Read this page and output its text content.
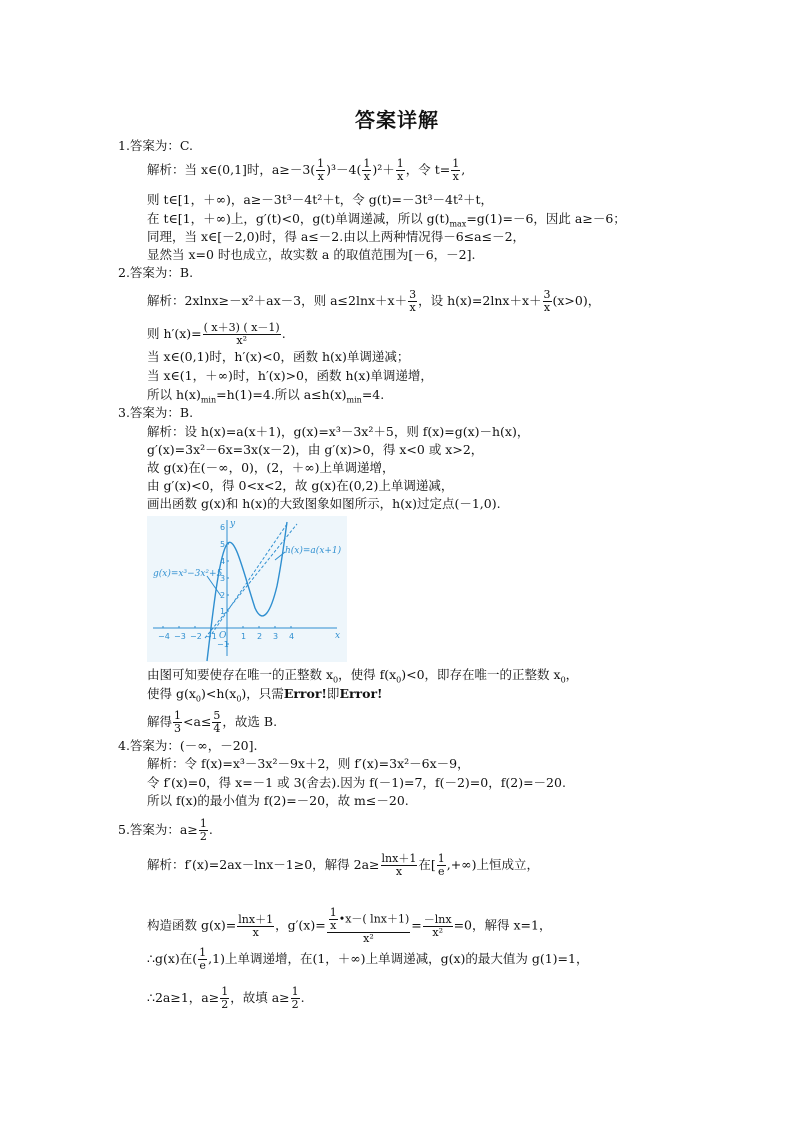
答案详解
1.答案为：C.
解析：当 x∈(0,1]时，$a\ge-3( \frac{1}{x} )^3-4( \frac{1}{x} )^2+ \frac{1}{x}$ ，令 $t= \frac{1}{x}$ ,
则 t∈[1，＋∞)，a≥－3t³－4t²＋t，令 g(t)=－3t³－4t²＋t，
在 t∈[1，＋∞)上，g′(t)<0，g(t)单调递减，所以 $g(t)_{max}=g(1)=-6$，因此 a≥－6；
同理，当 x∈[－2,0)时，得 a≤－2.由以上两种情况得－6≤a≤－2，
显然当 x=0 时也成立，故实数 a 的取值范围为[－6，－2].
2.答案为：B.
解析：2xlnx≥－x²＋ax－3，则 $a\le 2\ln x+x+ \frac{3}{x}$ ，设 $h(x)=2\ln x+x+ \frac{3}{x} (x>0)$，
则 $h'(x)= \frac{( x+3) ( x-1)}{\text{x²}}$ .
当 x∈(0,1)时，h′(x)<0，函数 h(x)单调递减；
当 x∈(1，＋∞)时，h′(x)>0，函数 h(x)单调递增，
所以 $h(x)_{min}=h(1)=4$.所以 $a\le h(x)_{min}=4$.
3.答案为：B.
解析：设 h(x)=a(x＋1)，g(x)=x³－3x²＋5，则 f(x)=g(x)－h(x)，
g′(x)=3x²－6x=3x(x－2)，由 g′(x)>0，得 x<0 或 x>2，
故 g(x)在(－∞，0)，(2，＋∞)上单调递增，
由 g′(x)<0，得 0<x<2，故 g(x)在(0,2)上单调递减，
画出函数 g(x)和 h(x)的大致图象如图所示，h(x)过定点(－1,0).
g(x)=x³−3x²+5
h(x)=a(x+1)
x
y
O
−4 −3 −2 −1	1 2 3 4
5
4
3
2
1
−1
6
由图可知要使存在唯一的正整数 $x_0$，使得 $f(x_0)<0$，即存在唯一的正整数 $x_0$，
使得 $g(x_0)<h(x_0)$，只需Error!即Error!
解得 $\frac{1}{3} <a\le \frac{5}{4}$ ，故选 B.
4.答案为：(－∞，－20].
解析：令 f(x)=x³－3x²－9x＋2，则 f′(x)=3x²－6x－9，
令 f′(x)=0，得 x=－1 或 3(舍去).因为 f(－1)=7，f(－2)=0，f(2)=－20.
所以 f(x)的最小值为 f(2)=－20，故 m≤－20.
5.答案为：$a\ge \frac{1}{2}$ .
解析：f′(x)=2ax－lnx－1≥0，解得 $2a\ge \frac{\ln x+1}{x}$ 在[ $\frac{1}{e}$ ,+∞)上恒成立，
构造函数 $g(x)= \frac{\ln x+1}{x}$ ，$g'(x)= \frac{\frac{1}{x} •x-( \ln x+1)}{\text{x²}} = \frac{-\ln x}{\text{x²}} =0$，解得 x=1，
∴g(x)在( $\frac{1}{e} ,1$)上单调递增，在(1，＋∞)上单调递减，g(x)的最大值为 g(1)=1，
∴2a≥1，$a\ge \frac{1}{2}$ ，故填 $a\ge \frac{1}{2}$ .
